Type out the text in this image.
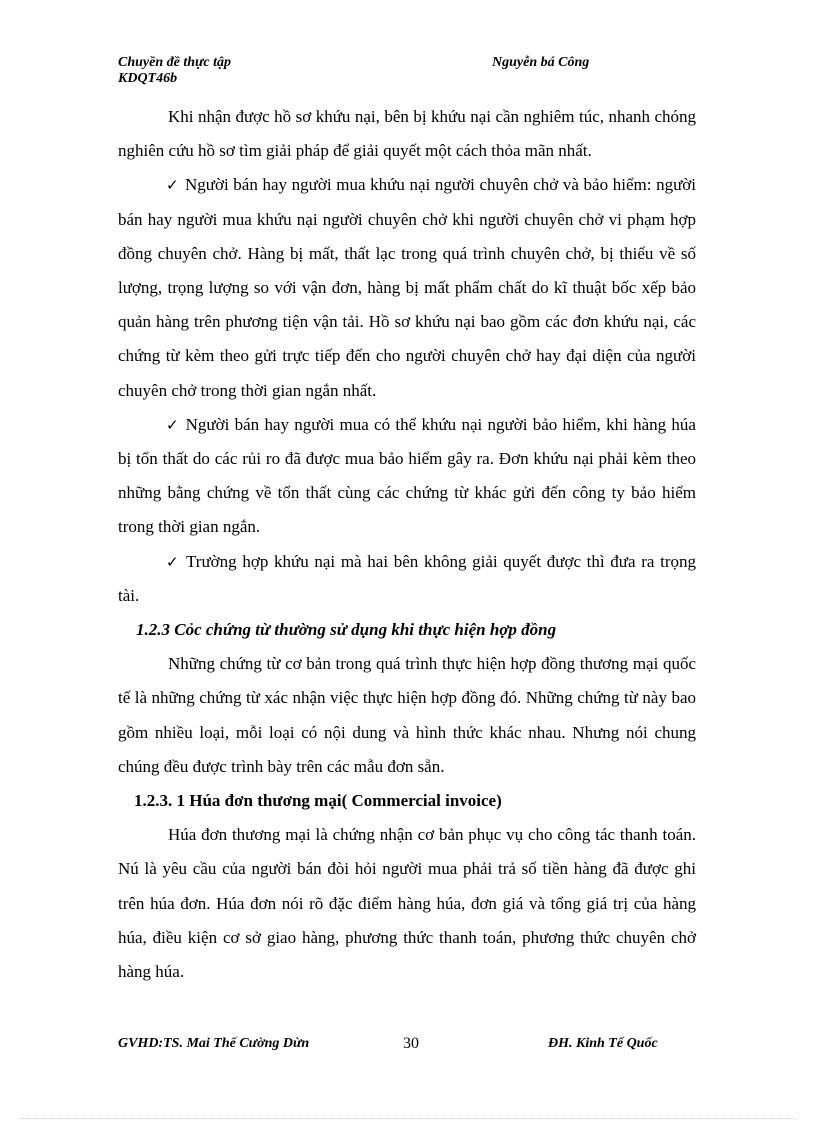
Chuyền đề thực tập
KDQT46b
Nguyễn bá Công

Khi nhận được hồ sơ khứu nại, bên bị khứu nại cần nghiêm túc, nhanh chóng nghiên cứu hồ sơ tìm giải pháp để giải quyết một cách thỏa mãn nhất.

✓ Người bán hay người mua khứu nại người chuyên chở và bảo hiểm: người bán hay người mua khứu nại người chuyên chở khi người chuyên chở vi phạm hợp đồng chuyên chở. Hàng bị mất, thất lạc trong quá trình chuyên chở, bị thiếu về số lượng, trọng lượng so với vận đơn, hàng bị mất phẩm chất do kĩ thuật bốc xếp bảo quản hàng trên phương tiện vận tải. Hồ sơ khứu nại bao gồm các đơn khứu nại, các chứng từ kèm theo gửi trực tiếp đến cho người chuyên chở hay đại diện của người chuyên chở trong thời gian ngắn nhất.

✓ Người bán hay người mua có thể khứu nại người bảo hiểm, khi hàng húa bị tổn thất do các rủi ro đã được mua bảo hiểm gây ra. Đơn khứu nại phải kèm theo những bằng chứng về tổn thất cùng các chứng từ khác gửi đến công ty bảo hiểm trong thời gian ngắn.

✓ Trường hợp khứu nại mà hai bên không giải quyết được thì đưa ra trọng tài.

1.2.3 Cỏc chứng từ thường sử dụng khi thực hiện hợp đồng

Những chứng từ cơ bản trong quá trình thực hiện hợp đồng thương mại quốc tế là những chứng từ xác nhận việc thực hiện hợp đồng đó. Những chứng từ này bao gồm nhiều loại, mỗi loại có nội dung và hình thức khác nhau. Nhưng nói chung chúng đều được trình bày trên các mẫu đơn sẵn.

1.2.3. 1 Húa đơn thương mại( Commercial invoice)

Húa đơn thương mại là chứng nhận cơ bản phục vụ cho công tác thanh toán. Nú là yêu cầu của người bán đòi hỏi người mua phải trả số tiền hàng đã được ghi trên húa đơn. Húa đơn nói rõ đặc điểm hàng húa, đơn giá và tổng giá trị của hàng húa, điều kiện cơ sở giao hàng, phương thức thanh toán, phương thức chuyên chở hàng húa.

GVHD:TS. Mai Thế Cường Dừn	30	ĐH. Kinh Tế Quốc
